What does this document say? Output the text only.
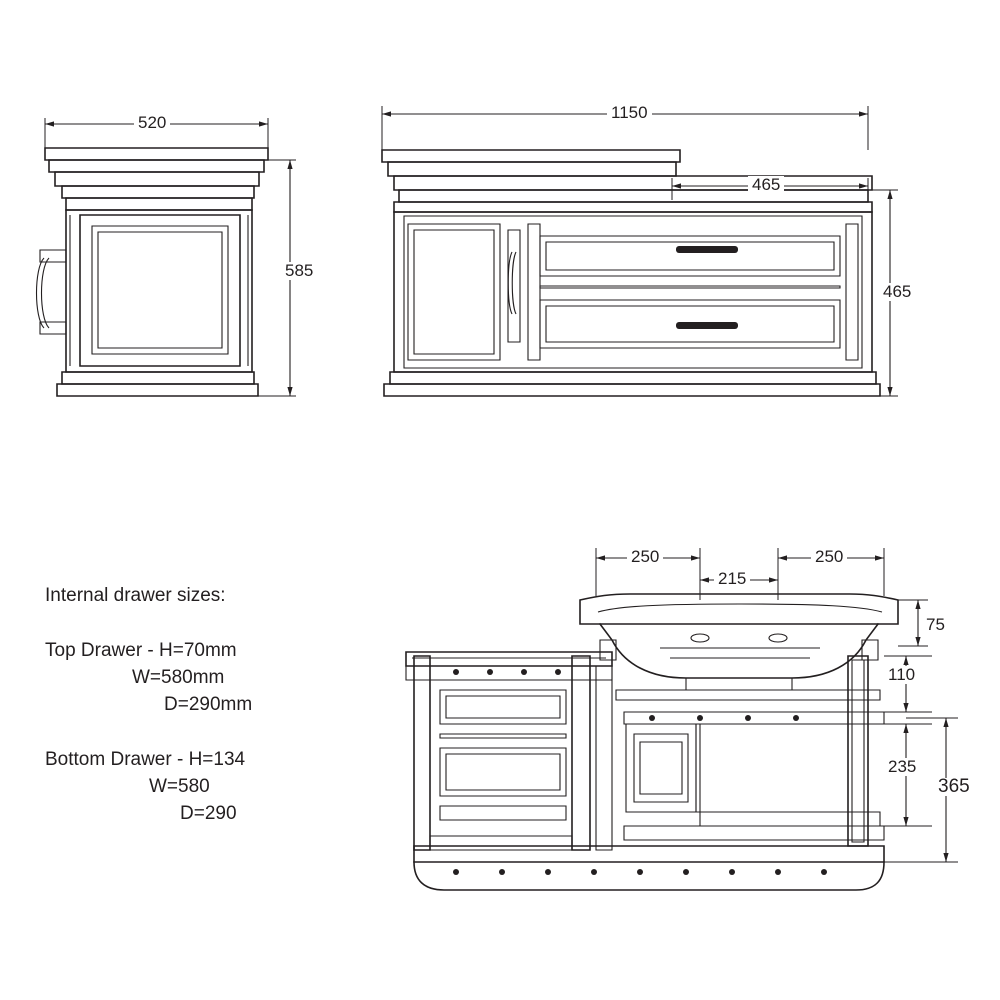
520
585
1150
465
465
250
215
250
75
110
235
365
Internal drawer sizes:
Top Drawer - H=70mm
W=580mm
D=290mm
Bottom Drawer - H=134
W=580
D=290
